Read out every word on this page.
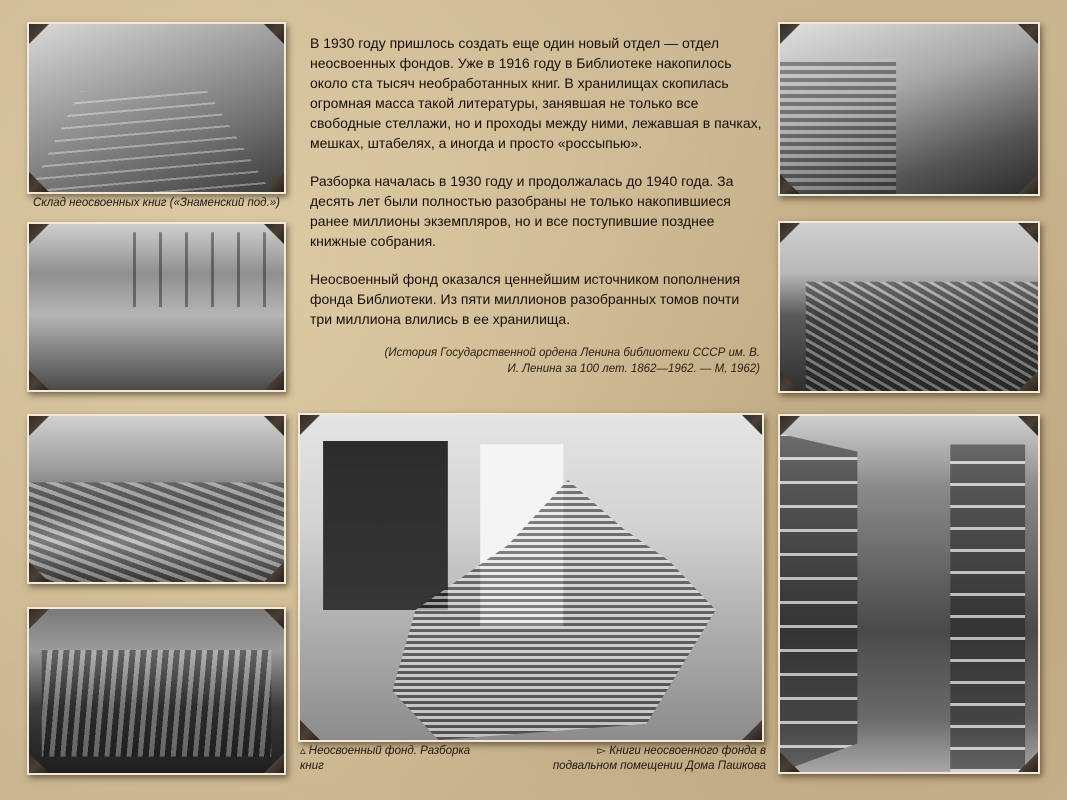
Склад неосвоенных книг («Знаменский под.»)

В 1930 году пришлось создать еще один новый отдел — отдел неосвоенных фондов. Уже в 1916 году в Библиотеке накопилось около ста тысяч необработанных книг. В хранилищах скопилась огромная масса такой литературы, занявшая не только все свободные стеллажи, но и проходы между ними, лежавшая в пачках, мешках, штабелях, а иногда и просто «россыпью».

Разборка началась в 1930 году и продолжалась до 1940 года. За десять лет были полностью разобраны не только накопившиеся ранее миллионы экземпляров, но и все поступившие позднее книжные собрания.

Неосвоенный фонд оказался ценнейшим источником пополнения фонда Библиотеки. Из пяти миллионов разобранных томов почти три миллиона влились в ее хранилища.

(История Государственной ордена Ленина библиотеки СССР им. В. И. Ленина за 100 лет. 1862—1962. — М, 1962)
▵ Неосвоенный фонд. Разборка книг
▻ Книги неосвоенного фонда в подвальном помещении Дома Пашкова
